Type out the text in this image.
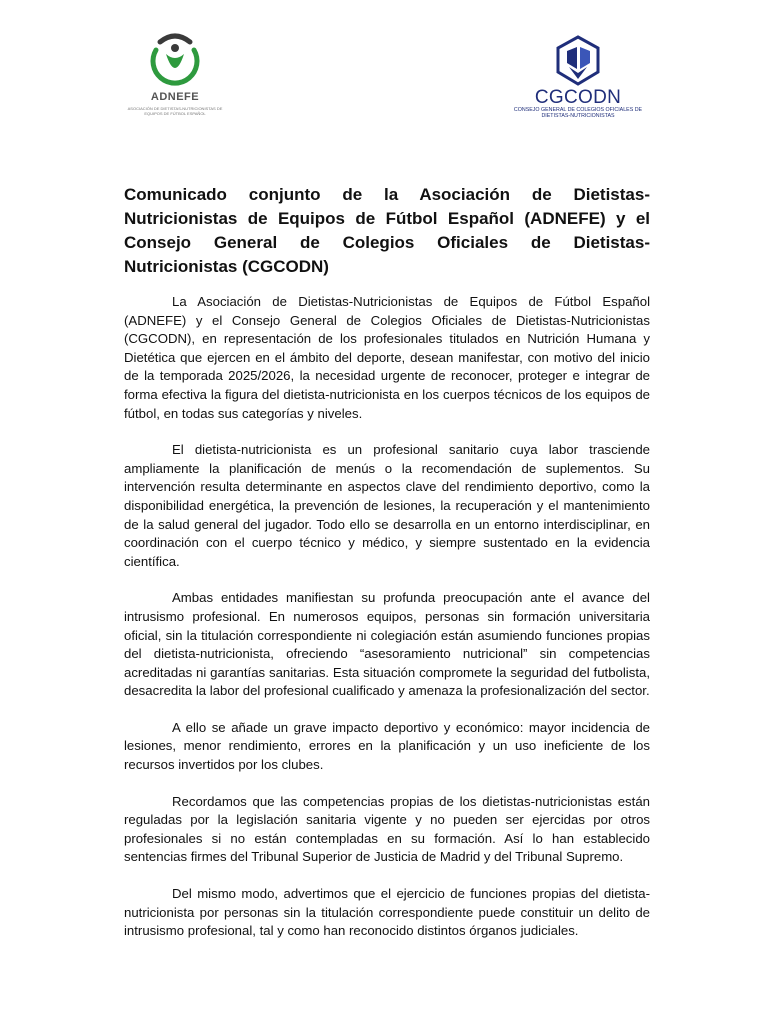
ADNEFE
ASOCIACIÓN DE DIETISTAS-NUTRICIONISTAS DE EQUIPOS DE FÚTBOL ESPAÑOL
CGCODN
CONSEJO GENERAL DE COLEGIOS OFICIALES DE DIETISTAS-NUTRICIONISTAS
Comunicado conjunto de la Asociación de Dietistas-Nutricionistas de Equipos de Fútbol Español (ADNEFE) y el Consejo General de Colegios Oficiales de Dietistas-Nutricionistas (CGCODN)

La Asociación de Dietistas-Nutricionistas de Equipos de Fútbol Español (ADNEFE) y el Consejo General de Colegios Oficiales de Dietistas-Nutricionistas (CGCODN), en representación de los profesionales titulados en Nutrición Humana y Dietética que ejercen en el ámbito del deporte, desean manifestar, con motivo del inicio de la temporada 2025/2026, la necesidad urgente de reconocer, proteger e integrar de forma efectiva la figura del dietista-nutricionista en los cuerpos técnicos de los equipos de fútbol, en todas sus categorías y niveles.

El dietista-nutricionista es un profesional sanitario cuya labor trasciende ampliamente la planificación de menús o la recomendación de suplementos. Su intervención resulta determinante en aspectos clave del rendimiento deportivo, como la disponibilidad energética, la prevención de lesiones, la recuperación y el mantenimiento de la salud general del jugador. Todo ello se desarrolla en un entorno interdisciplinar, en coordinación con el cuerpo técnico y médico, y siempre sustentado en la evidencia científica.

Ambas entidades manifiestan su profunda preocupación ante el avance del intrusismo profesional. En numerosos equipos, personas sin formación universitaria oficial, sin la titulación correspondiente ni colegiación están asumiendo funciones propias del dietista-nutricionista, ofreciendo “asesoramiento nutricional” sin competencias acreditadas ni garantías sanitarias. Esta situación compromete la seguridad del futbolista, desacredita la labor del profesional cualificado y amenaza la profesionalización del sector.

A ello se añade un grave impacto deportivo y económico: mayor incidencia de lesiones, menor rendimiento, errores en la planificación y un uso ineficiente de los recursos invertidos por los clubes.

Recordamos que las competencias propias de los dietistas-nutricionistas están reguladas por la legislación sanitaria vigente y no pueden ser ejercidas por otros profesionales si no están contempladas en su formación. Así lo han establecido sentencias firmes del Tribunal Superior de Justicia de Madrid y del Tribunal Supremo.

Del mismo modo, advertimos que el ejercicio de funciones propias del dietista-nutricionista por personas sin la titulación correspondiente puede constituir un delito de intrusismo profesional, tal y como han reconocido distintos órganos judiciales.
